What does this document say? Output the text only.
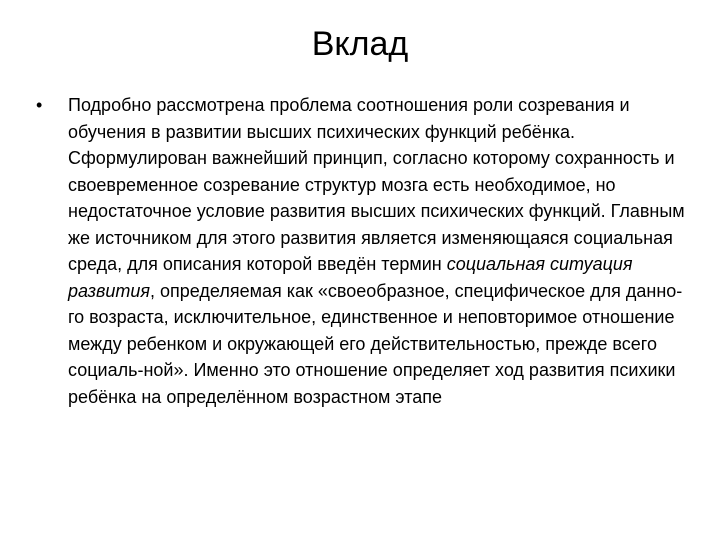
Вклад
• Подробно рассмотрена проблема соотношения роли созревания и обучения в развитии высших психических функций ребёнка. Сформулирован важнейший принцип, согласно которому сохранность и своевременное созревание структур мозга есть необходимое, но недостаточное условие развития высших психических функций. Главным же источником для этого развития является изменяющаяся социальная среда, для описания которой введён термин социальная ситуация развития, определяемая как «своеобразное, специфическое для данно-го возраста, исключительное, единственное и неповторимое отношение между ребенком и окружающей его действительностью, прежде всего социаль-ной». Именно это отношение определяет ход развития психики ребёнка на определённом возрастном этапе
